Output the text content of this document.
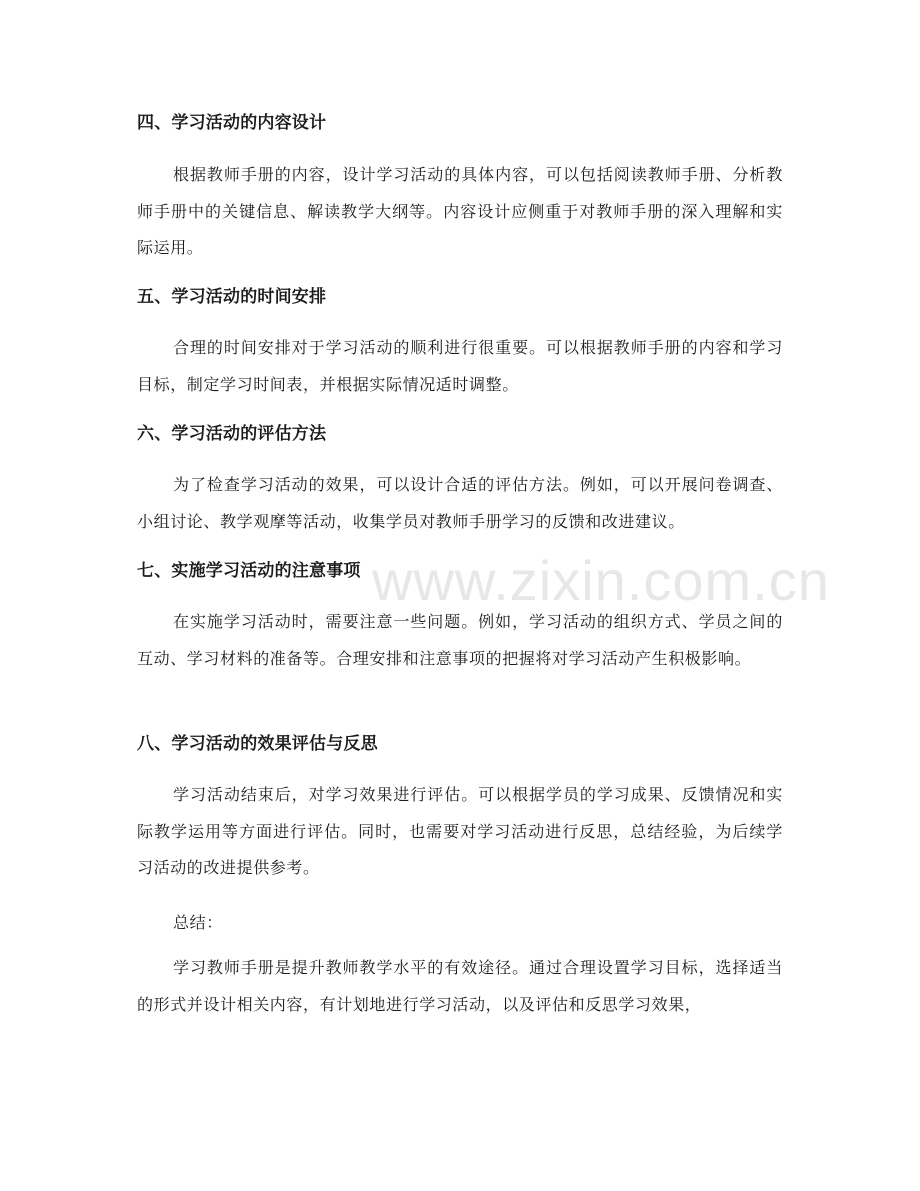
www.zixin.com.cn
四、学习活动的内容设计
根据教师手册的内容，设计学习活动的具体内容，可以包括阅读教师手册、分析教师手册中的关键信息、解读教学大纲等。内容设计应侧重于对教师手册的深入理解和实际运用。
五、学习活动的时间安排
合理的时间安排对于学习活动的顺利进行很重要。可以根据教师手册的内容和学习目标，制定学习时间表，并根据实际情况适时调整。
六、学习活动的评估方法
为了检查学习活动的效果，可以设计合适的评估方法。例如，可以开展问卷调查、小组讨论、教学观摩等活动，收集学员对教师手册学习的反馈和改进建议。
七、实施学习活动的注意事项
在实施学习活动时，需要注意一些问题。例如，学习活动的组织方式、学员之间的互动、学习材料的准备等。合理安排和注意事项的把握将对学习活动产生积极影响。
八、学习活动的效果评估与反思
学习活动结束后，对学习效果进行评估。可以根据学员的学习成果、反馈情况和实际教学运用等方面进行评估。同时，也需要对学习活动进行反思，总结经验，为后续学习活动的改进提供参考。
总结：
学习教师手册是提升教师教学水平的有效途径。通过合理设置学习目标，选择适当的形式并设计相关内容，有计划地进行学习活动，以及评估和反思学习效果，
